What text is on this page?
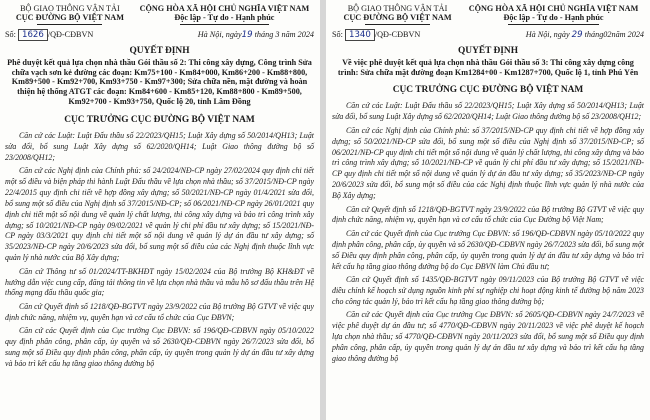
BỘ GIAO THÔNG VẬN TẢI
CỤC ĐƯỜNG BỘ VIỆT NAM
CỘNG HÒA XÃ HỘI CHỦ NGHĨA VIỆT NAM
Độc lập - Tự do - Hạnh phúc
Số: 1626 /QĐ-CĐBVN	Hà Nội, ngày19 tháng 3 năm 2024
QUYẾT ĐỊNH
Phê duyệt kết quả lựa chọn nhà thầu Gói thầu số 2: Thi công xây dựng, Công trình Sửa chữa vạch sơn kẻ đường các đoạn: Km75+100 - Km84+000, Km86+200 - Km88+800, Km89+500 - Km92+700, Km93+750 - Km97+300; Sửa chữa nền, mặt đường và hoàn thiện hệ thống ATGT các đoạn: Km84+600 - Km85+120, Km88+800 - Km89+500, Km92+700 - Km93+750, Quốc lộ 20, tỉnh Lâm Đồng
CỤC TRƯỞNG CỤC ĐƯỜNG BỘ VIỆT NAM

Căn cứ các Luật: Luật Đấu thầu số 22/2023/QH15; Luật Xây dựng số 50/2014/QH13; Luật sửa đổi, bổ sung Luật Xây dựng số 62/2020/QH14; Luật Giao thông đường bộ số 23/2008/QH12;

Căn cứ các Nghị định của Chính phủ: số 24/2024/NĐ-CP ngày 27/02/2024 quy định chi tiết một số điều và biện pháp thi hành Luật Đấu thầu về lựa chọn nhà thầu; số 37/2015/NĐ-CP ngày 22/4/2015 quy định chi tiết về hợp đồng xây dựng; số 50/2021/NĐ-CP ngày 01/4/2021 sửa đổi, bổ sung một số điều của Nghị định số 37/2015/NĐ-CP; số 06/2021/NĐ-CP ngày 26/01/2021 quy định chi tiết một số nội dung về quản lý chất lượng, thi công xây dựng và bảo trì công trình xây dựng; số 10/2021/NĐ-CP ngày 09/02/2021 về quản lý chi phí đầu tư xây dựng; số 15/2021/NĐ-CP ngày 03/3/2021 quy định chi tiết một số nội dung về quản lý dự án đầu tư xây dựng; số 35/2023/NĐ-CP ngày 20/6/2023 sửa đổi, bổ sung một số điều của các Nghị định thuộc lĩnh vực quản lý nhà nước của Bộ Xây dựng;

Căn cứ Thông tư số 01/2024/TT-BKHĐT ngày 15/02/2024 của Bộ trưởng Bộ KH&ĐT về hướng dẫn việc cung cấp, đăng tải thông tin về lựa chọn nhà thầu và mẫu hồ sơ đấu thầu trên Hệ thống mạng đấu thầu quốc gia;

Căn cứ Quyết định số 1218/QĐ-BGTVT ngày 23/9/2022 của Bộ trưởng Bộ GTVT về việc quy định chức năng, nhiệm vụ, quyền hạn và cơ cấu tổ chức của Cục ĐBVN;

Căn cứ các Quyết định của Cục trưởng Cục ĐBVN: số 196/QĐ-CĐBVN ngày 05/10/2022 quy định phân công, phân cấp, ủy quyền và số 2630/QĐ-CĐBVN ngày 26/7/2023 sửa đổi, bổ sung một số Điều quy định phân công, phân cấp, ủy quyền trong quản lý dự án đầu tư xây dựng và bảo trì kết cấu hạ tầng giao thông đường bộ

BỘ GIAO THÔNG VẬN TẢI
CỤC ĐƯỜNG BỘ VIỆT NAM
CỘNG HÒA XÃ HỘI CHỦ NGHĨA VIỆT NAM
Độc lập - Tự do - Hạnh phúc
Số: 1340 /QĐ-CĐBVN	Hà Nội, ngày 29 tháng02năm 2024
QUYẾT ĐỊNH
Về việc phê duyệt kết quả lựa chọn nhà thầu Gói thầu số 3: Thi công xây dựng công trình: Sửa chữa mặt đường đoạn Km1284+00 - Km1287+700, Quốc lộ 1, tỉnh Phú Yên
CỤC TRƯỞNG CỤC ĐƯỜNG BỘ VIỆT NAM

Căn cứ các Luật: Luật Đấu thầu số 22/2023/QH15; Luật Xây dựng số 50/2014/QH13; Luật sửa đổi, bổ sung Luật Xây dựng số 62/2020/QH14; Luật Giao thông đường bộ số 23/2008/QH12;

Căn cứ các Nghị định của Chính phủ: số 37/2015/NĐ-CP quy định chi tiết về hợp đồng xây dựng; số 50/2021/NĐ-CP sửa đổi, bổ sung một số điều của Nghị định số 37/2015/NĐ-CP; số 06/2021/NĐ-CP quy định chi tiết một số nội dung về quản lý chất lượng, thi công xây dựng và bảo trì công trình xây dựng; số 10/2021/NĐ-CP về quản lý chi phí đầu tư xây dựng; số 15/2021/NĐ-CP quy định chi tiết một số nội dung về quản lý dự án đầu tư xây dựng; số 35/2023/NĐ-CP ngày 20/6/2023 sửa đổi, bổ sung một số điều của các Nghị định thuộc lĩnh vực quản lý nhà nước của Bộ Xây dựng;

Căn cứ Quyết định số 1218/QĐ-BGTVT ngày 23/9/2022 của Bộ trưởng Bộ GTVT về việc quy định chức năng, nhiệm vụ, quyền hạn và cơ cấu tổ chức của Cục Đường bộ Việt Nam;

Căn cứ các Quyết định của Cục trưởng Cục ĐBVN: số 196/QĐ-CĐBVN ngày 05/10/2022 quy định phân công, phân cấp, ủy quyền và số 2630/QĐ-CĐBVN ngày 26/7/2023 sửa đổi, bổ sung một số Điều quy định phân công, phân cấp, ủy quyền trong quản lý dự án đầu tư xây dựng và bảo trì kết cấu hạ tầng giao thông đường bộ do Cục ĐBVN làm Chủ đầu tư;

Căn cứ Quyết định số 1435/QĐ-BGTVT ngày 09/11/2023 của Bộ trưởng Bộ GTVT về việc điều chỉnh kế hoạch sử dụng nguồn kinh phí sự nghiệp chi hoạt động kinh tế đường bộ năm 2023 cho công tác quản lý, bảo trì kết cấu hạ tầng giao thông đường bộ;

Căn cứ các Quyết định của Cục trưởng Cục ĐBVN: số 2605/QĐ-CĐBVN ngày 24/7/2023 về việc phê duyệt dự án đầu tư; số 4770/QĐ-CĐBVN ngày 20/11/2023 về việc phê duyệt kế hoạch lựa chọn nhà thầu; số 4770/QĐ-CĐBVN ngày 20/11/2023 sửa đổi, bổ sung một số Điều quy định phân công, phân cấp, ủy quyền trong quản lý dự án đầu tư xây dựng và bảo trì kết cấu hạ tầng giao thông đường bộ
